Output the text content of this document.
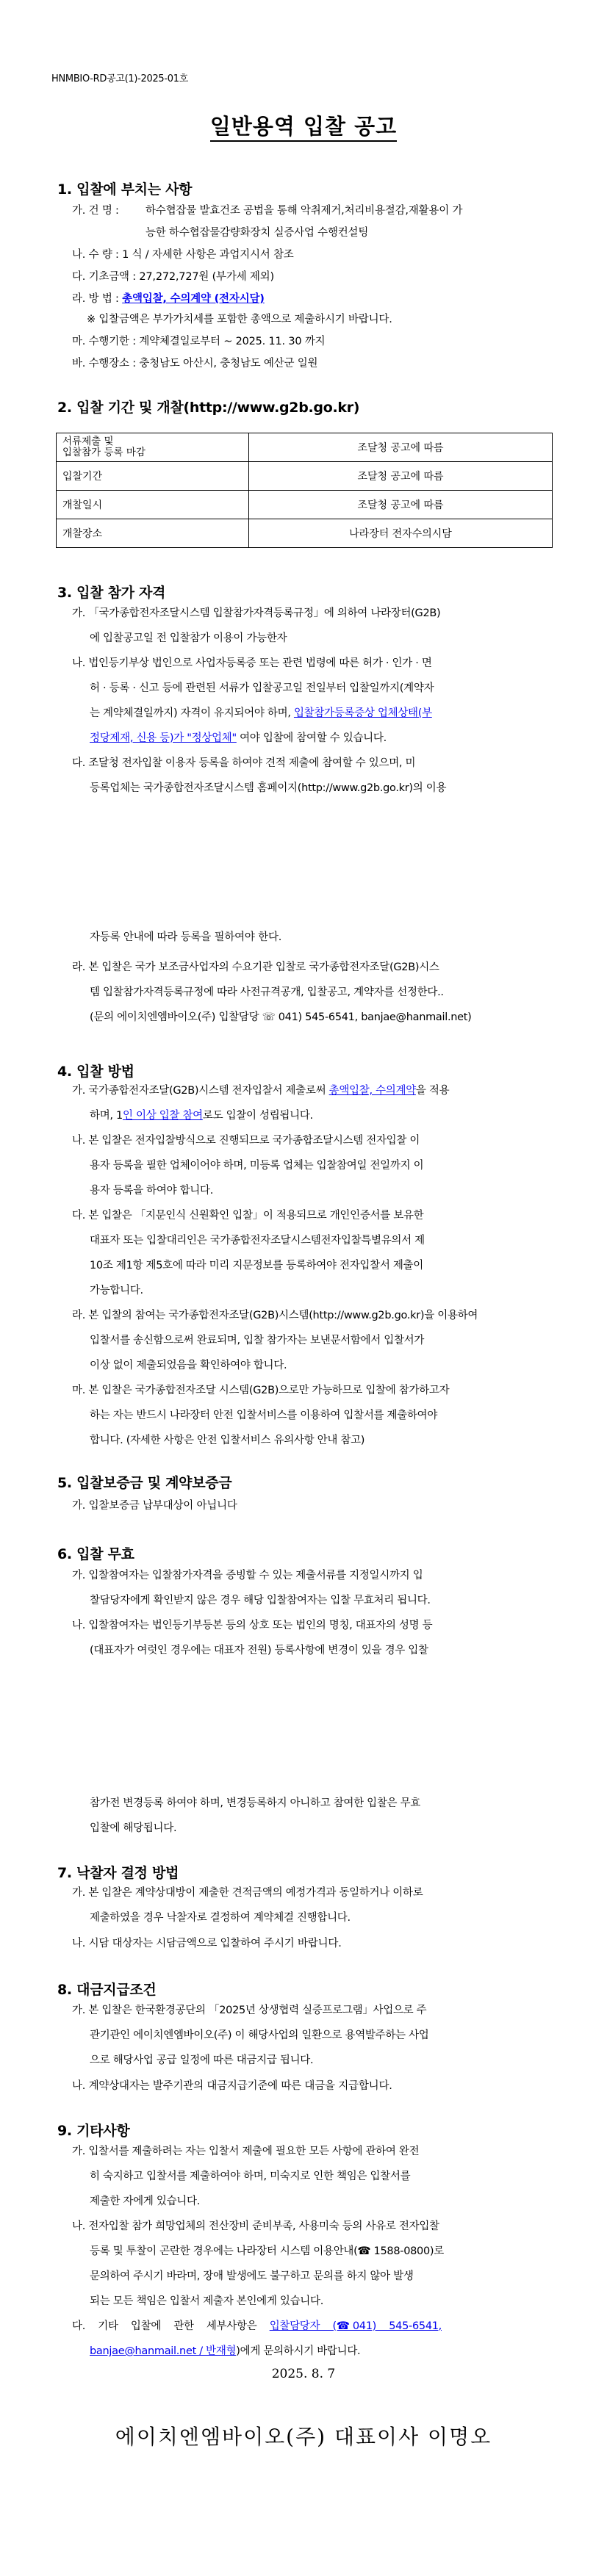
HNMBIO-RD공고(1)-2025-01호
일반용역 입찰 공고
1. 입찰에 부치는 사항
가. 건 명 :	하수협잡물 발효건조 공법을 통해 악취제거,처리비용절감,재활용이 가
능한 하수협잡물감량화장치 실증사업 수행컨설팅
나. 수 량 : 1 식 / 자세한 사항은 과업지시서 참조
다. 기초금액 : 27,272,727원 (부가세 제외)
라. 방 법 : 총액입찰, 수의계약 (전자시담)
※ 입찰금액은 부가가치세를 포함한 총액으로 제출하시기 바랍니다.
마. 수행기한 : 계약체결일로부터 ~ 2025. 11. 30 까지
바. 수행장소 : 충청남도 아산시, 충청남도 예산군 일원
2. 입찰 기간 및 개찰(http://www.g2b.go.kr)
서류제출 및
입찰참가 등록 마감	조달청 공고에 따름
입찰기간	조달청 공고에 따름
개찰일시	조달청 공고에 따름
개찰장소	나라장터 전자수의시담
3. 입찰 참가 자격
가. 「국가종합전자조달시스템 입찰참가자격등록규정」에 의하여 나라장터(G2B)
에 입찰공고일 전 입찰참가 이용이 가능한자
나. 법인등기부상 법인으로 사업자등록증 또는 관련 법령에 따른 허가 · 인가 · 면
허 · 등록 · 신고 등에 관련된 서류가 입찰공고일 전일부터 입찰일까지(계약자
는 계약체결일까지) 자격이 유지되어야 하며, 입찰참가등록증상 업체상태(부
정당제재, 신용 등)가 "정상업체" 여야 입찰에 참여할 수 있습니다.
다. 조달청 전자입찰 이용자 등록을 하여야 견적 제출에 참여할 수 있으며, 미
등록업체는 국가종합전자조달시스템 홈페이지(http://www.g2b.go.kr)의 이용
자등록 안내에 따라 등록을 필하여야 한다.
라. 본 입찰은 국가 보조금사업자의 수요기관 입찰로 국가종합전자조달(G2B)시스
템 입찰참가자격등록규정에 따라 사전규격공개, 입찰공고, 계약자를 선정한다..
(문의 에이치엔엠바이오(주) 입찰담당 ☏ 041) 545-6541, banjae@hanmail.net)
4. 입찰 방법
가. 국가종합전자조달(G2B)시스템 전자입찰서 제출로써 총액입찰, 수의계약을 적용
하며, 1인 이상 입찰 참여로도 입찰이 성립됩니다.
나. 본 입찰은 전자입찰방식으로 진행되므로 국가종합조달시스템 전자입찰 이
용자 등록을 필한 업체이어야 하며, 미등록 업체는 입찰참여일 전일까지 이
용자 등록을 하여야 합니다.
다. 본 입찰은 「지문인식 신원확인 입찰」이 적용되므로 개인인증서를 보유한
대표자 또는 입찰대리인은 국가종합전자조달시스템전자입찰특별유의서 제
10조 제1항 제5호에 따라 미리 지문정보를 등록하여야 전자입찰서 제출이
가능합니다.
라. 본 입찰의 참여는 국가종합전자조달(G2B)시스템(http://www.g2b.go.kr)을 이용하여
입찰서를 송신함으로써 완료되며, 입찰 참가자는 보낸문서함에서 입찰서가
이상 없이 제출되었음을 확인하여야 합니다.
마. 본 입찰은 국가종합전자조달 시스템(G2B)으로만 가능하므로 입찰에 참가하고자
하는 자는 반드시 나라장터 안전 입찰서비스를 이용하여 입찰서를 제출하여야
합니다. (자세한 사항은 안전 입찰서비스 유의사항 안내 참고)
5. 입찰보증금 및 계약보증금
가. 입찰보증금 납부대상이 아닙니다
6. 입찰 무효
가. 입찰참여자는 입찰참가자격을 증빙할 수 있는 제출서류를 지정일시까지 입
찰담당자에게 확인받지 않은 경우 해당 입찰참여자는 입찰 무효처리 됩니다.
나. 입찰참여자는 법인등기부등본 등의 상호 또는 법인의 명칭, 대표자의 성명 등
(대표자가 여럿인 경우에는 대표자 전원) 등록사항에 변경이 있을 경우 입찰
참가전 변경등록 하여야 하며, 변경등록하지 아니하고 참여한 입찰은 무효
입찰에 해당됩니다.
7. 낙찰자 결정 방법
가. 본 입찰은 계약상대방이 제출한 견적금액의 예정가격과 동일하거나 이하로
제출하였을 경우 낙찰자로 결정하여 계약체결 진행합니다.
나. 시담 대상자는 시담금액으로 입찰하여 주시기 바랍니다.
8. 대금지급조건
가. 본 입찰은 한국환경공단의 「2025년 상생협력 실증프로그램」사업으로 주
관기관인 에이치엔엠바이오(주) 이 해당사업의 일환으로 용역발주하는 사업
으로 해당사업 공급 일정에 따른 대금지급 됩니다.
나. 계약상대자는 발주기관의 대금지급기준에 따른 대금을 지급합니다.
9. 기타사항
가. 입찰서를 제출하려는 자는 입찰서 제출에 필요한 모든 사항에 관하여 완전
히 숙지하고 입찰서를 제출하여야 하며, 미숙지로 인한 책임은 입찰서를
제출한 자에게 있습니다.
나. 전자입찰 참가 희망업체의 전산장비 준비부족, 사용미숙 등의 사유로 전자입찰
등록 및 투찰이 곤란한 경우에는 나라장터 시스템 이용안내(☎ 1588-0800)로
문의하여 주시기 바라며, 장애 발생에도 불구하고 문의를 하지 않아 발생
되는 모든 책임은 입찰서 제출자 본인에게 있습니다.
다.    기타    입찰에    관한    세부사항은    입찰담당자    (☎ 041)    545-6541,
banjae@hanmail.net / 반재형)에게 문의하시기 바랍니다.
2025. 8. 7
에이치엔엠바이오(주) 대표이사 이명오
